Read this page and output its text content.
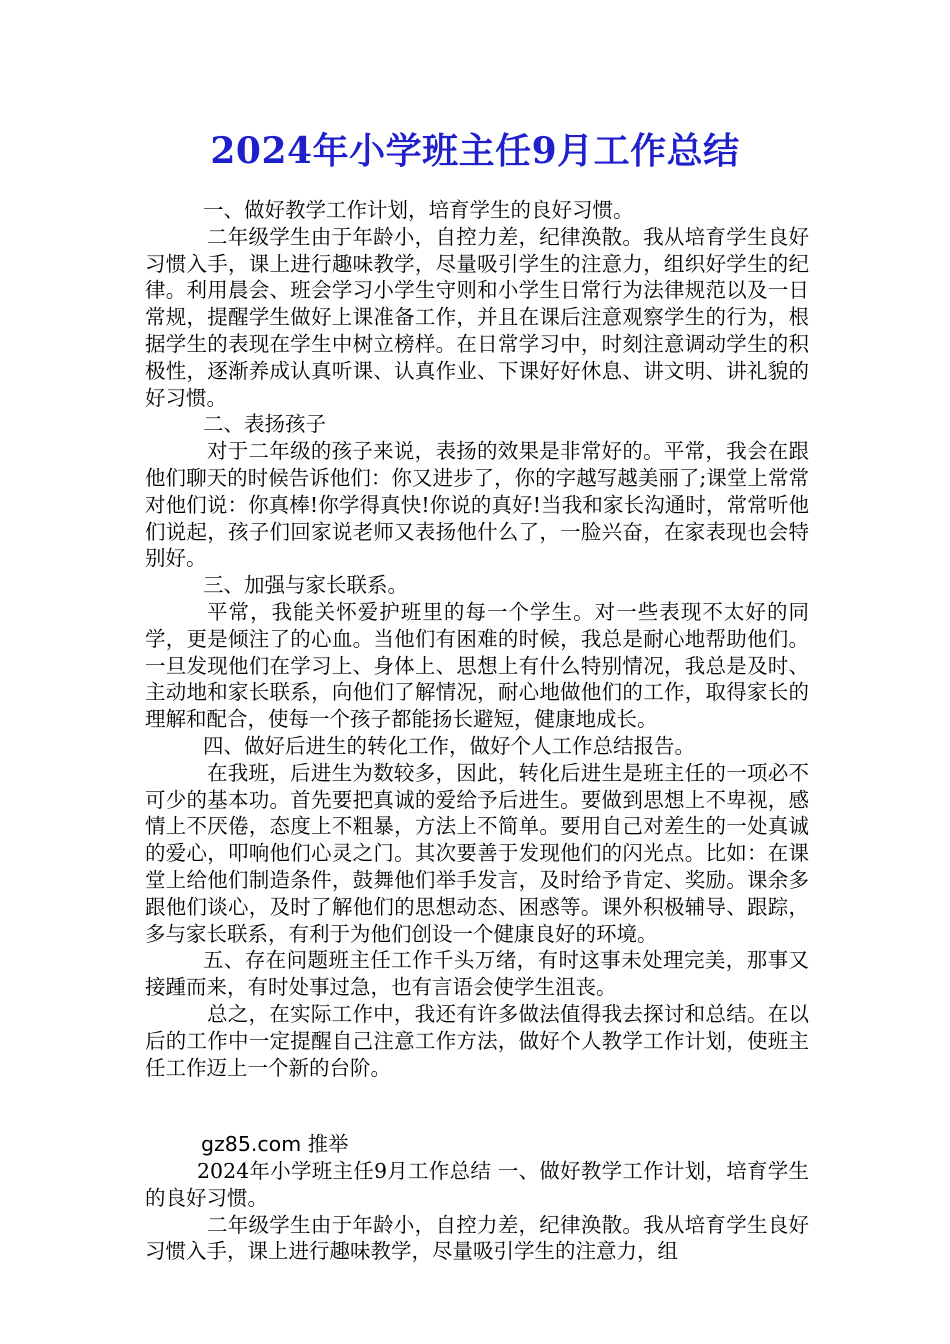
2024年小学班主任9月工作总结

一、做好教学工作计划，培育学生的良好习惯。

二年级学生由于年龄小，自控力差，纪律涣散。我从培育学生良好习惯入手，课上进行趣味教学，尽量吸引学生的注意力，组织好学生的纪律。利用晨会、班会学习小学生守则和小学生日常行为法律规范以及一日常规，提醒学生做好上课准备工作，并且在课后注意观察学生的行为，根据学生的表现在学生中树立榜样。在日常学习中，时刻注意调动学生的积极性，逐渐养成认真听课、认真作业、下课好好休息、讲文明、讲礼貌的好习惯。

二、表扬孩子

对于二年级的孩子来说，表扬的效果是非常好的。平常，我会在跟他们聊天的时候告诉他们：你又进步了，你的字越写越美丽了;课堂上常常对他们说：你真棒!你学得真快!你说的真好!当我和家长沟通时，常常听他们说起，孩子们回家说老师又表扬他什么了，一脸兴奋，在家表现也会特别好。

三、加强与家长联系。

平常，我能关怀爱护班里的每一个学生。对一些表现不太好的同学，更是倾注了的心血。当他们有困难的时候，我总是耐心地帮助他们。一旦发现他们在学习上、身体上、思想上有什么特别情况，我总是及时、主动地和家长联系，向他们了解情况，耐心地做他们的工作，取得家长的理解和配合，使每一个孩子都能扬长避短，健康地成长。

四、做好后进生的转化工作，做好个人工作总结报告。

在我班，后进生为数较多，因此，转化后进生是班主任的一项必不可少的基本功。首先要把真诚的爱给予后进生。要做到思想上不卑视，感情上不厌倦，态度上不粗暴，方法上不简单。要用自己对差生的一处真诚的爱心，叩响他们心灵之门。其次要善于发现他们的闪光点。比如：在课堂上给他们制造条件，鼓舞他们举手发言，及时给予肯定、奖励。课余多跟他们谈心，及时了解他们的思想动态、困惑等。课外积极辅导、跟踪，多与家长联系，有利于为他们创设一个健康良好的环境。

五、存在问题班主任工作千头万绪，有时这事未处理完美，那事又接踵而来，有时处事过急，也有言语会使学生沮丧。

总之，在实际工作中，我还有许多做法值得我去探讨和总结。在以后的工作中一定提醒自己注意工作方法，做好个人教学工作计划，使班主任工作迈上一个新的台阶。

gz85.com 推举

2024年小学班主任9月工作总结 一、做好教学工作计划，培育学生的良好习惯。

二年级学生由于年龄小，自控力差，纪律涣散。我从培育学生良好习惯入手，课上进行趣味教学，尽量吸引学生的注意力，组
